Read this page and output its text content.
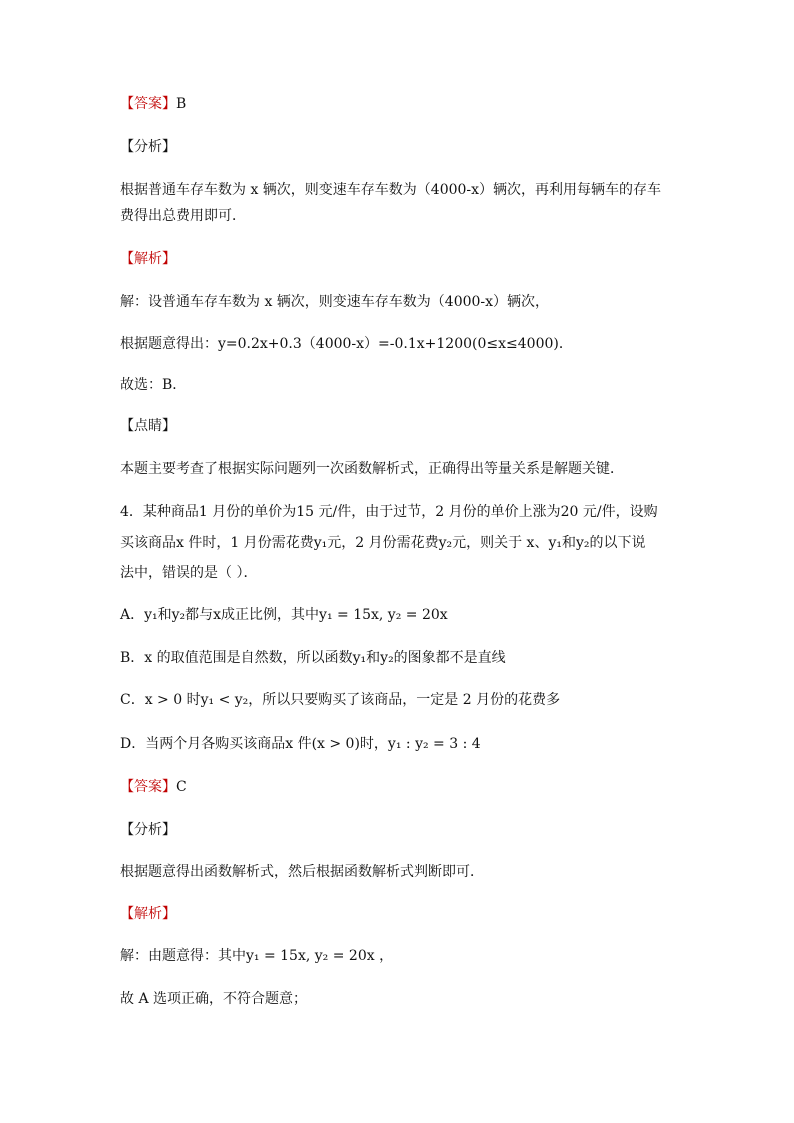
【答案】B
【分析】
根据普通车存车数为 x 辆次，则变速车存车数为（4000-x）辆次，再利用每辆车的存车
费得出总费用即可．
【解析】
解：设普通车存车数为 x 辆次，则变速车存车数为（4000-x）辆次，
根据题意得出：y=0.2x+0.3（4000-x）=-0.1x+1200(0≤x≤4000)．
故选：B．
【点睛】
本题主要考查了根据实际问题列一次函数解析式，正确得出等量关系是解题关键．
4．某种商品1 月份的单价为15 元/件，由于过节，2 月份的单价上涨为20 元/件，设购
买该商品x 件时，1 月份需花费y₁元，2 月份需花费y₂元，则关于 x、y₁和y₂的以下说
法中，错误的是（ ）．
A．y₁和y₂都与x成正比例，其中y₁ = 15x, y₂ = 20x
B．x 的取值范围是自然数，所以函数y₁和y₂的图象都不是直线
C．x > 0 时y₁ < y₂，所以只要购买了该商品，一定是 2 月份的花费多
D．当两个月各购买该商品x 件(x > 0)时，y₁ : y₂ = 3 : 4
【答案】C
【分析】
根据题意得出函数解析式，然后根据函数解析式判断即可．
【解析】
解：由题意得：其中y₁ = 15x, y₂ = 20x ，
故 A 选项正确，不符合题意；
